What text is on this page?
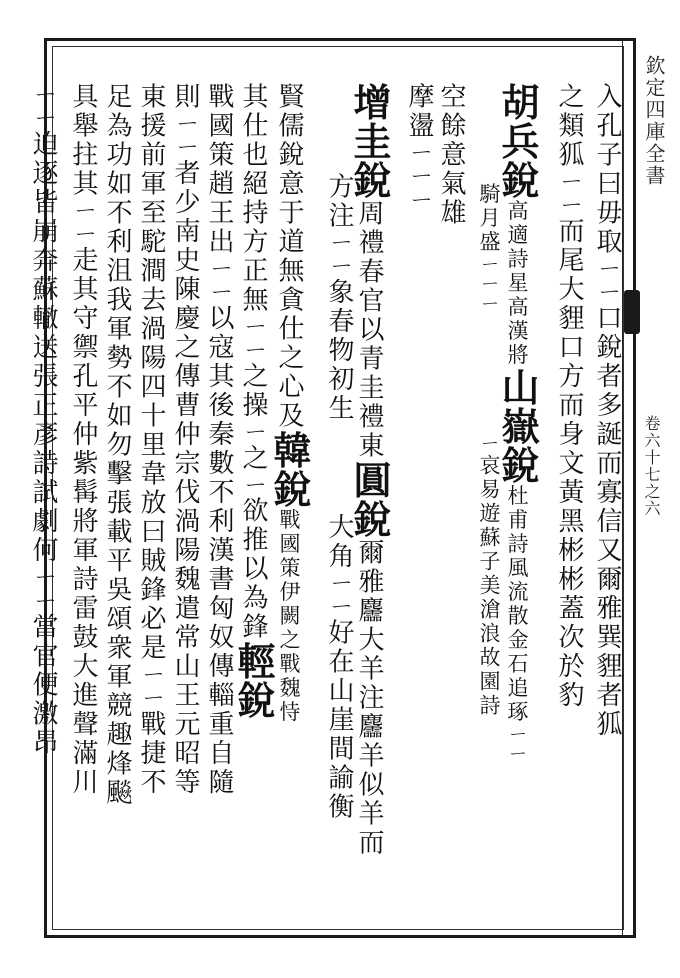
欽定四庫全書
卷六十七之六

入孔子曰毋取ㄧㄧ口銳者多誕而寡信又爾雅巽貍者狐

之類狐ㄧㄧ而尾大貍口方而身文黃黑彬彬蓋次於豹

胡兵銳高適詩星高漢將山嶽銳杜甫詩風流散金石追琢ㄧㄧ

騎月盛ㄧㄧㄧㄧ哀易遊蘇子美滄浪故園詩

空餘意氣雄

摩盪ㄧㄧㄧ

增圭銳周禮春官以青圭禮東圓銳爾雅麢大羊注麢羊似羊而

方注ㄧㄧ象春物初生大角ㄧㄧ好在山崖間諭衡

賢儒銳意于道無貪仕之心及韓銳戰國策伊闕之戰魏恃

其仕也絕持方正無ㄧㄧ之操ㄧ之ㄧ欲推以為鋒輕銳

戰國策趙王出ㄧㄧ以寇其後秦數不利漢書匈奴傳輜重自隨

則ㄧㄧ者少南史陳慶之傳曹仲宗伐渦陽魏遣常山王元昭等

東援前軍至駝澗去渦陽四十里韋放曰賊鋒必是ㄧㄧ戰捷不

足為功如不利沮我軍勢不如勿擊張載平吳頌衆軍競趣烽飈

具舉拄其ㄧㄧ走其守禦孔平仲紫髯將軍詩雷鼓大進聲滿川

ㄧㄧ迫逐皆崩奔蘇轍送張正彥詩試劇何ㄧㄧ當官便激昂
